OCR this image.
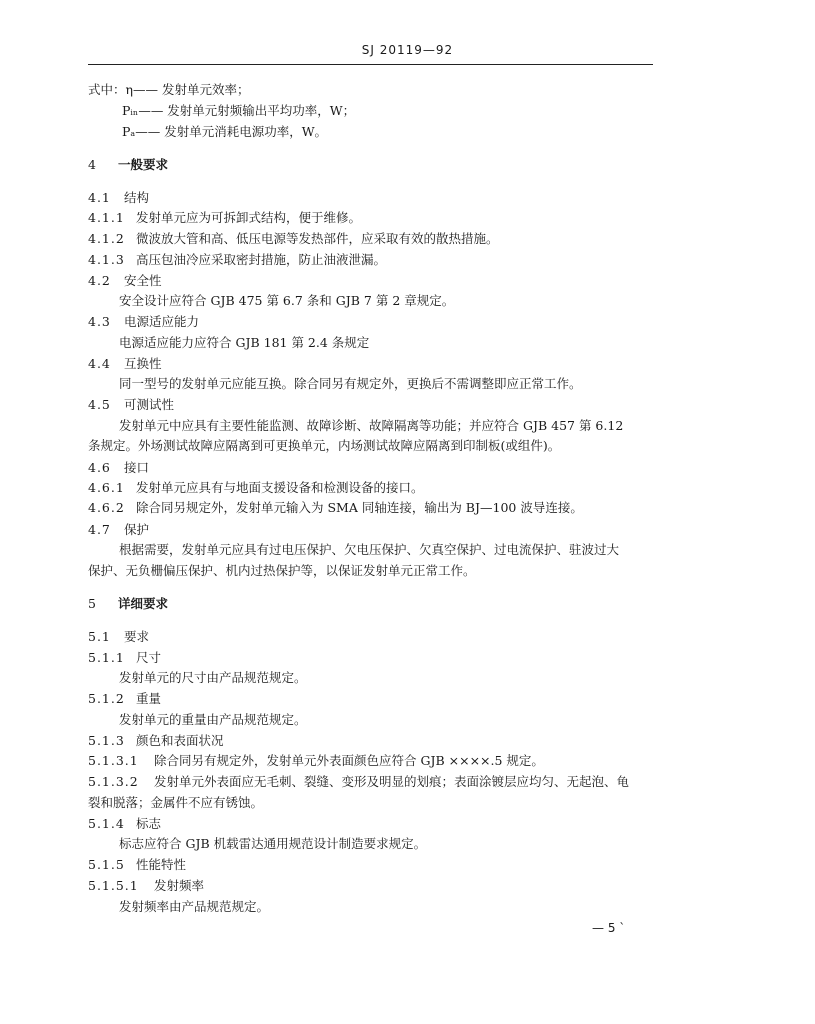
SJ 20119—92
式中：η—— 发射单元效率；
Pᵢₙ—— 发射单元射频输出平均功率，W；
Pₐ—— 发射单元消耗电源功率，W。
4 一般要求
4.1 结构
4.1.1 发射单元应为可拆卸式结构，便于维修。
4.1.2 微波放大管和高、低压电源等发热部件，应采取有效的散热措施。
4.1.3 高压包油冷应采取密封措施，防止油液泄漏。
4.2 安全性
安全设计应符合 GJB 475 第 6.7 条和 GJB 7 第 2 章规定。
4.3 电源适应能力
电源适应能力应符合 GJB 181 第 2.4 条规定
4.4 互换性
同一型号的发射单元应能互换。除合同另有规定外，更换后不需调整即应正常工作。
4.5 可测试性
发射单元中应具有主要性能监测、故障诊断、故障隔离等功能；并应符合 GJB 457 第 6.12
条规定。外场测试故障应隔离到可更换单元，内场测试故障应隔离到印制板(或组件)。
4.6 接口
4.6.1 发射单元应具有与地面支援设备和检测设备的接口。
4.6.2 除合同另规定外，发射单元输入为 SMA 同轴连接，输出为 BJ—100 波导连接。
4.7 保护
根据需要，发射单元应具有过电压保护、欠电压保护、欠真空保护、过电流保护、驻波过大
保护、无负栅偏压保护、机内过热保护等，以保证发射单元正常工作。
5 详细要求
5.1 要求
5.1.1 尺寸
发射单元的尺寸由产品规范规定。
5.1.2 重量
发射单元的重量由产品规范规定。
5.1.3 颜色和表面状况
5.1.3.1 除合同另有规定外，发射单元外表面颜色应符合 GJB ××××.5 规定。
5.1.3.2 发射单元外表面应无毛刺、裂缝、变形及明显的划痕；表面涂镀层应均匀、无起泡、龟
裂和脱落；金属件不应有锈蚀。
5.1.4 标志
标志应符合 GJB 机载雷达通用规范设计制造要求规定。
5.1.5 性能特性
5.1.5.1 发射频率
发射频率由产品规范规定。
— 5 ˋ
